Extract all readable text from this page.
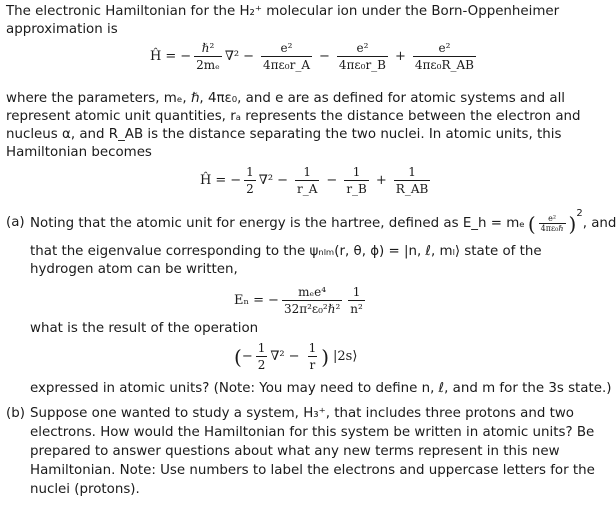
The electronic Hamiltonian for the H₂⁺ molecular ion under the Born-Oppenheimer
approximation is
Ĥ = − $\frac{\text{ℏ²}}{\text{2mₑ}} \nabla^2 - \frac{\text{e²}}{\text{4πε₀r\_A}} - \frac{\text{e²}}{\text{4πε₀r\_B}} + \frac{\text{e²}}{\text{4πε₀R\_AB}}$
where the parameters, mₑ, ℏ, 4πε₀, and e are as defined for atomic systems and all
represent atomic unit quantities, rₐ represents the distance between the electron and
nucleus α, and R_AB is the distance separating the two nuclei. In atomic units, this
Hamiltonian becomes
Ĥ = − $\frac{1}{2} \nabla^2 - \frac{1}{r\_A} - \frac{1}{r\_B} + \frac{1}{R\_AB}$
(a) Noting that the atomic unit for energy is the hartree, defined as E_h = mₑ ( $\frac{\text{e²}}{\text{4πε₀ℏ}} )^2$
, and
that the eigenvalue corresponding to the ψₙₗₘ(r, θ, ϕ) = |n, ℓ, mₗ⟩ state of the
hydrogen atom can be written,
Eₙ = − $\frac{\text{mₑe⁴}}{\text{32π²ε₀²ℏ²}} \frac{1}{\text{n²}}$
what is the result of the operation
( − $\frac{1}{2} \nabla^2 - \frac{1}{r}$ ) |2s⟩
expressed in atomic units? (Note: You may need to define n, ℓ, and m for the 3s state.)
(b) Suppose one wanted to study a system, H₃⁺, that includes three protons and two
electrons. How would the Hamiltonian for this system be written in atomic units? Be
prepared to answer questions about what any new terms represent in this new
Hamiltonian. Note: Use numbers to label the electrons and uppercase letters for the
nuclei (protons).
